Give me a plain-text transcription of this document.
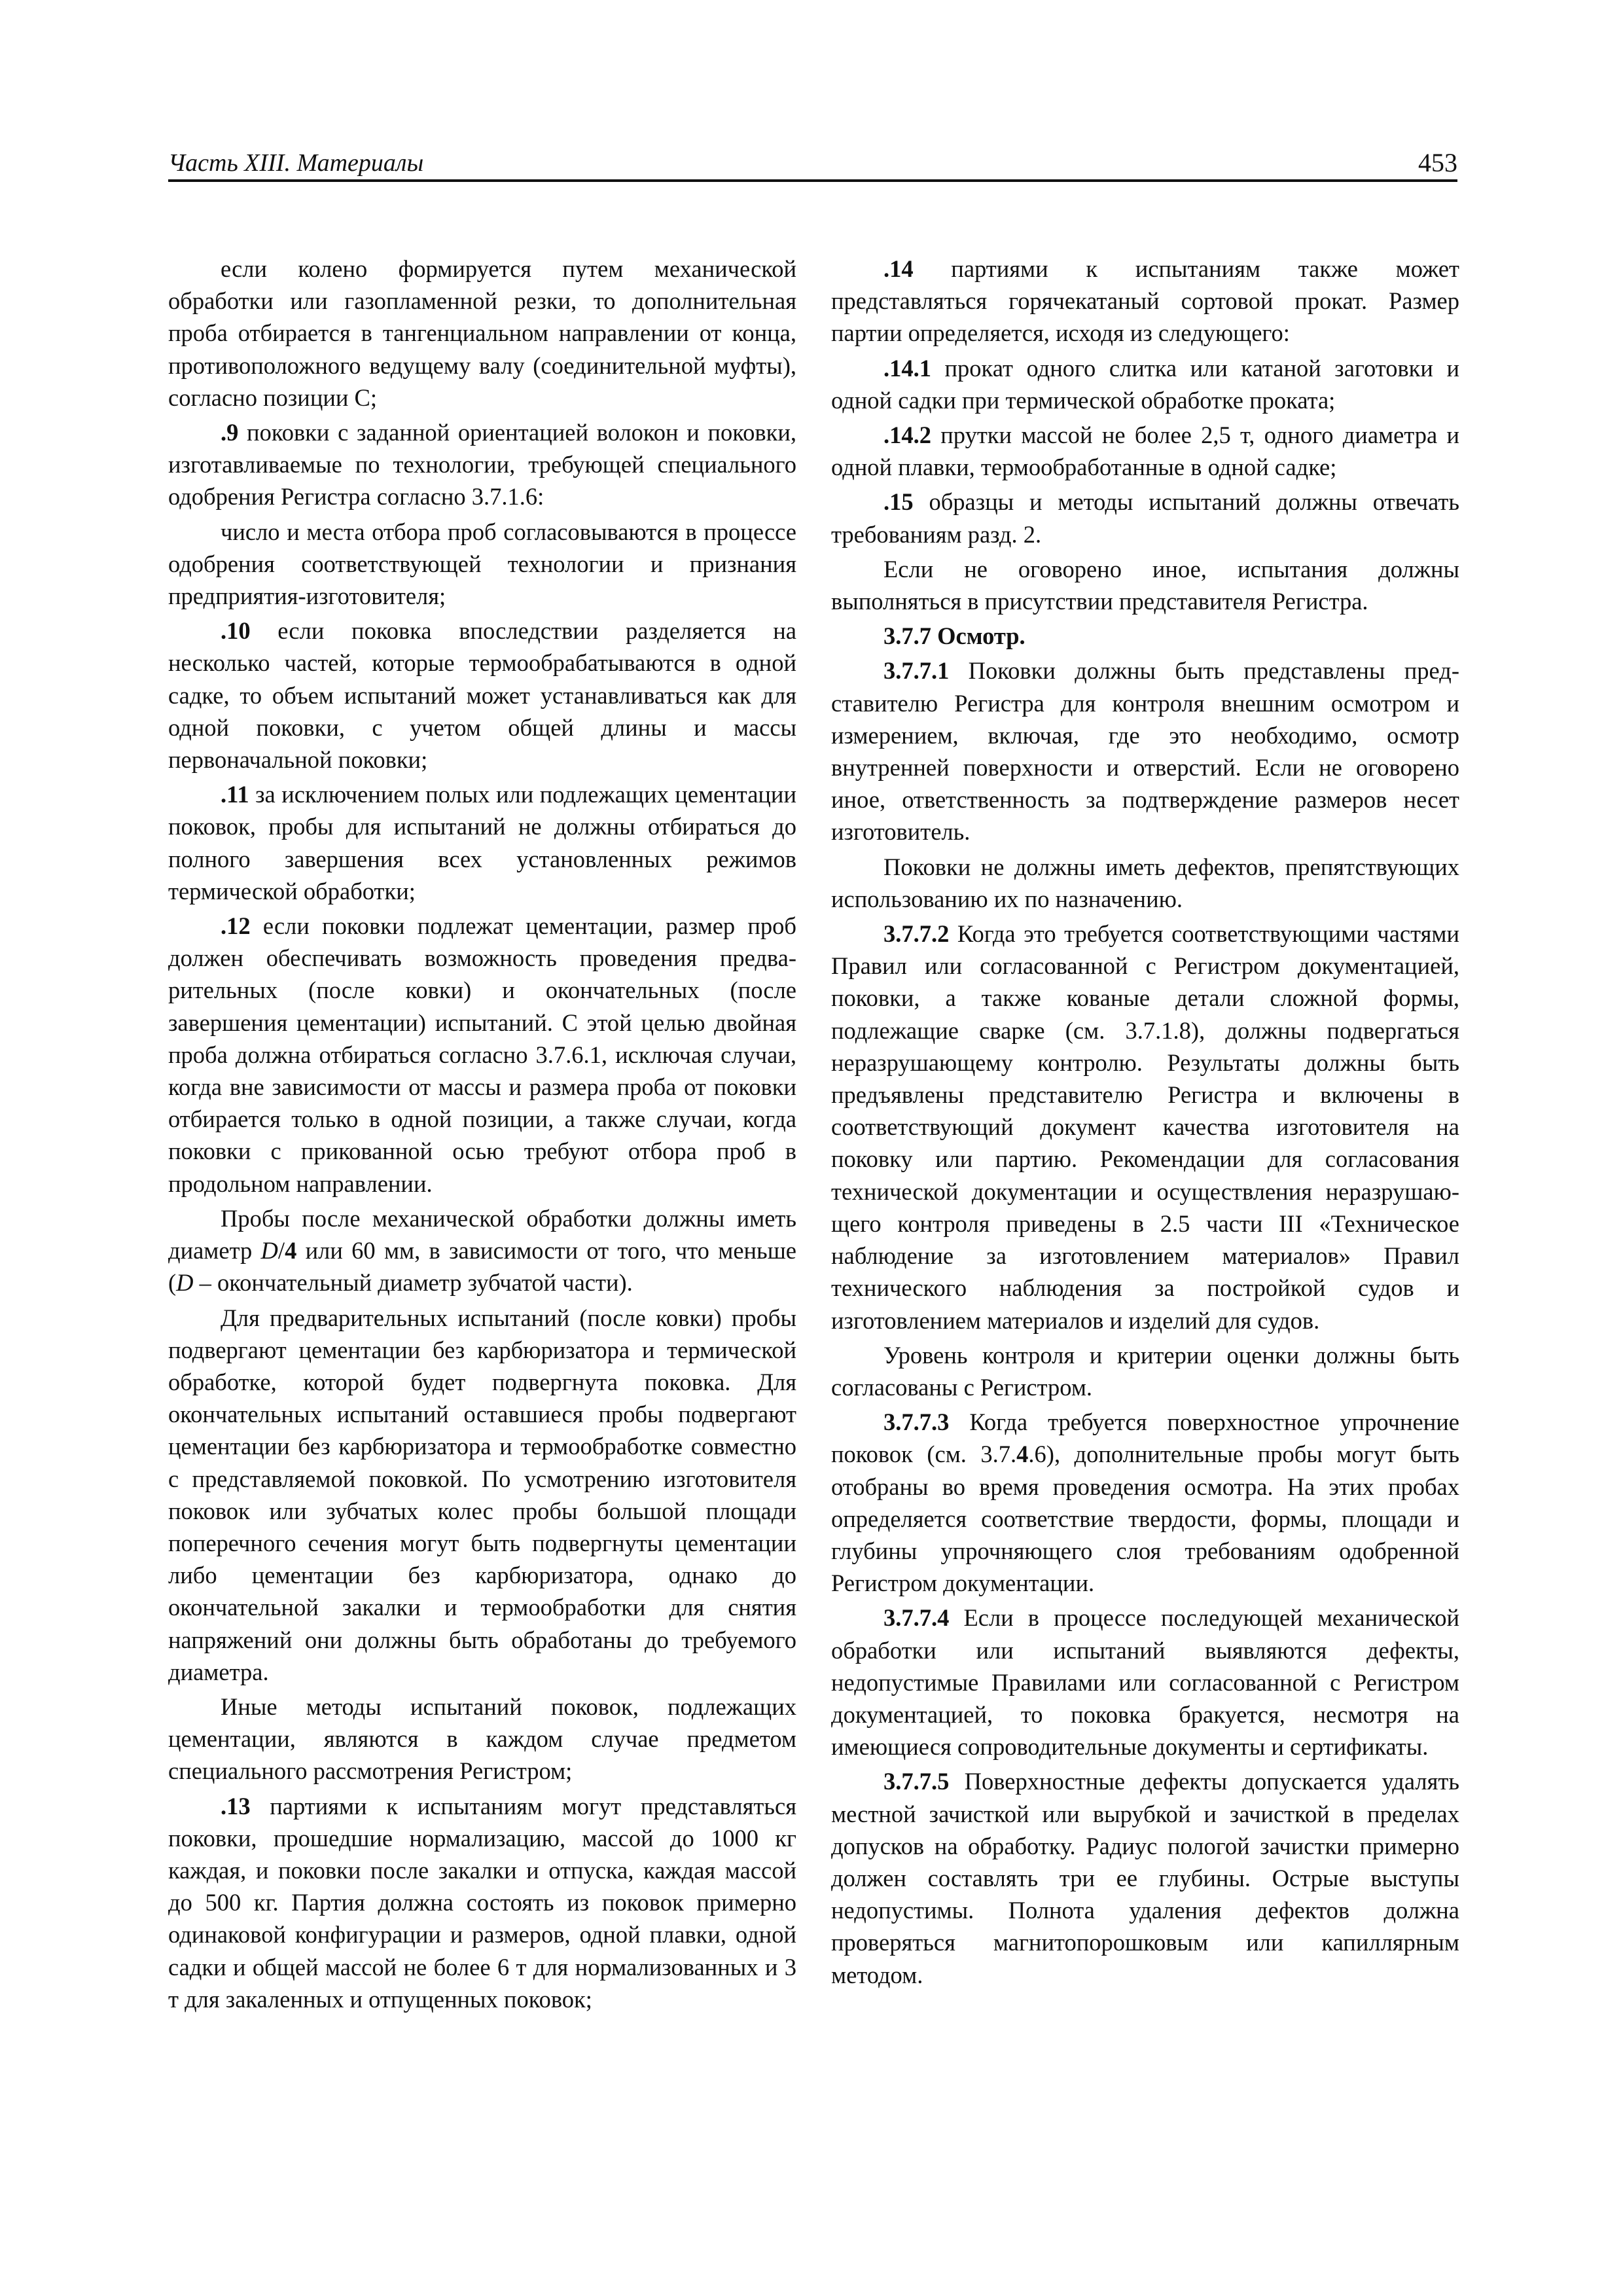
Часть XIII. Материалы	453

если колено формируется путем механической обработки или газопламенной резки, то дополнительная проба отбирается в тангенциальном направлении от конца, противоположного ведущему валу (соединительной муфты), согласно позиции С;

.9 поковки с заданной ориентацией волокон и поковки, изготавливаемые по технологии, требующей специального одобрения Регистра согласно 3.7.1.6:

число и места отбора проб согласовываются в процессе одобрения соответствующей технологии и признания предприятия-изготовителя;

.10 если поковка впоследствии разделяется на несколько частей, которые термообрабатываются в одной садке, то объем испытаний может устанавливаться как для одной поковки, с учетом общей длины и массы первоначальной поковки;

.11 за исключением полых или подлежащих цементации поковок, пробы для испытаний не должны отбираться до полного завершения всех установленных режимов термической обработки;

.12 если поковки подлежат цементации, размер проб должен обеспечивать возможность проведения предварительных (после ковки) и окончательных (после завершения цементации) испытаний. С этой целью двойная проба должна отбираться согласно 3.7.6.1, исключая случаи, когда вне зависимости от массы и размера проба от поковки отбирается только в одной позиции, а также случаи, когда поковки с прикованной осью требуют отбора проб в продольном направлении.

Пробы после механической обработки должны иметь диаметр D/4 или 60 мм, в зависимости от того, что меньше (D – окончательный диаметр зубчатой части).

Для предварительных испытаний (после ковки) пробы подвергают цементации без карбюризатора и термической обработке, которой будет подвергнута поковка. Для окончательных испытаний оставшиеся пробы подвергают цементации без карбюризатора и термообработке совместно с представляемой поковкой. По усмотрению изготовителя поковок или зубчатых колес пробы большой площади поперечного сечения могут быть подвергнуты цементации либо цементации без карбюризатора, однако до окончательной закалки и термообработки для снятия напряжений они должны быть обработаны до требуемого диаметра.

Иные методы испытаний поковок, подлежащих цементации, являются в каждом случае предметом специального рассмотрения Регистром;

.13 партиями к испытаниям могут представляться поковки, прошедшие нормализацию, массой до 1000 кг каждая, и поковки после закалки и отпуска, каждая массой до 500 кг. Партия должна состоять из поковок примерно одинаковой конфигурации и размеров, одной плавки, одной садки и общей массой не более 6 т для нормализованных и 3 т для закаленных и отпущенных поковок;

.14 партиями к испытаниям также может представляться горячекатаный сортовой прокат. Размер партии определяется, исходя из следующего:

.14.1 прокат одного слитка или катаной заготовки и одной садки при термической обработке проката;

.14.2 прутки массой не более 2,5 т, одного диаметра и одной плавки, термообработанные в одной садке;

.15 образцы и методы испытаний должны отвечать требованиям разд. 2.

Если не оговорено иное, испытания должны выполняться в присутствии представителя Регистра.

3.7.7 Осмотр.

3.7.7.1 Поковки должны быть представлены представителю Регистра для контроля внешним осмотром и измерением, включая, где это необходимо, осмотр внутренней поверхности и отверстий. Если не оговорено иное, ответственность за подтверждение размеров несет изготовитель.

Поковки не должны иметь дефектов, препятствующих использованию их по назначению.

3.7.7.2 Когда это требуется соответствующими частями Правил или согласованной с Регистром документацией, поковки, а также кованые детали сложной формы, подлежащие сварке (см. 3.7.1.8), должны подвергаться неразрушающему контролю. Результаты должны быть предъявлены представителю Регистра и включены в соответствующий документ качества изготовителя на поковку или партию. Рекомендации для согласования технической документации и осуществления неразрушающего контроля приведены в 2.5 части III «Техническое наблюдение за изготовлением материалов» Правил технического наблюдения за постройкой судов и изготовлением материалов и изделий для судов.

Уровень контроля и критерии оценки должны быть согласованы с Регистром.

3.7.7.3 Когда требуется поверхностное упрочнение поковок (см. 3.7.4.6), дополнительные пробы могут быть отобраны во время проведения осмотра. На этих пробах определяется соответствие твердости, формы, площади и глубины упрочняющего слоя требованиям одобренной Регистром документации.

3.7.7.4 Если в процессе последующей механической обработки или испытаний выявляются дефекты, недопустимые Правилами или согласованной с Регистром документацией, то поковка бракуется, несмотря на имеющиеся сопроводительные документы и сертификаты.

3.7.7.5 Поверхностные дефекты допускается удалять местной зачисткой или вырубкой и зачисткой в пределах допусков на обработку. Радиус пологой зачистки примерно должен составлять три ее глубины. Острые выступы недопустимы. Полнота удаления дефектов должна проверяться магнитопорошковым или капиллярным методом.
